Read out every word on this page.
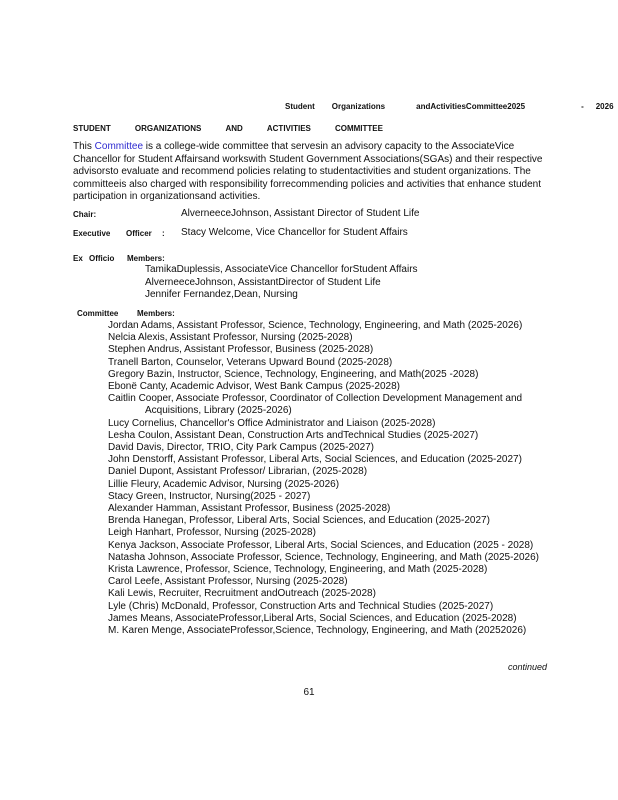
Student Organizations	andActivitiesCommittee2025	- 2026
STUDENT	ORGANIZATIONS	AND	ACTIVITIES	COMMITTEE
This Committee is a college-wide committee that servesin an advisory capacity to the AssociateVice
Chancellor for Student Affairsand workswith Student Government Associations(SGAs) and their respective
advisorsto evaluate and recommend policies relating to studentactivities and student organizations. The
committeeis also charged with responsibility forrecommending policies and activities that enhance student
participation in organizationsand activities.
Chair:	AlverneeceJohnson, Assistant Director of Student Life
Executive Officer : Stacy Welcome, Vice Chancellor for Student Affairs
Ex Officio Members:
TamikaDuplessis, AssociateVice Chancellor forStudent Affairs
AlverneeceJohnson, AssistantDirector of Student Life
Jennifer Fernandez,Dean, Nursing
Committee Members:
Jordan Adams, Assistant Professor, Science, Technology, Engineering, and Math (2025-2026)
Nelcia Alexis, Assistant Professor, Nursing (2025-2028)
Stephen Andrus, Assistant Professor, Business (2025-2028)
Tranell Barton, Counselor, Veterans Upward Bound (2025-2028)
Gregory Bazin, Instructor, Science, Technology, Engineering, and Math(2025 -2028)
Ebonë Canty, Academic Advisor, West Bank Campus (2025-2028)
Caitlin Cooper, Associate Professor, Coordinator of Collection Development Management and
Acquisitions, Library (2025-2026)
Lucy Cornelius, Chancellor's Office Administrator and Liaison (2025-2028)
Lesha Coulon, Assistant Dean, Construction Arts andTechnical Studies (2025-2027)
David Davis, Director, TRIO, City Park Campus (2025-2027)
John Denstorff, Assistant Professor, Liberal Arts, Social Sciences, and Education (2025-2027)
Daniel Dupont, Assistant Professor/ Librarian, (2025-2028)
Lillie Fleury, Academic Advisor, Nursing (2025-2026)
Stacy Green, Instructor, Nursing(2025 - 2027)
Alexander Hamman, Assistant Professor, Business (2025-2028)
Brenda Hanegan, Professor, Liberal Arts, Social Sciences, and Education (2025-2027)
Leigh Hanhart, Professor, Nursing (2025-2028)
Kenya Jackson, Associate Professor, Liberal Arts, Social Sciences, and Education (2025 - 2028)
Natasha Johnson, Associate Professor, Science, Technology, Engineering, and Math (2025-2026)
Krista Lawrence, Professor, Science, Technology, Engineering, and Math (2025-2028)
Carol Leefe, Assistant Professor, Nursing (2025-2028)
Kali Lewis, Recruiter, Recruitment andOutreach (2025-2028)
Lyle (Chris) McDonald, Professor, Construction Arts and Technical Studies (2025-2027)
James Means, AssociateProfessor,Liberal Arts, Social Sciences, and Education (2025-2028)
M. Karen Menge, AssociateProfessor,Science, Technology, Engineering, and Math (20252026)
continued
61
